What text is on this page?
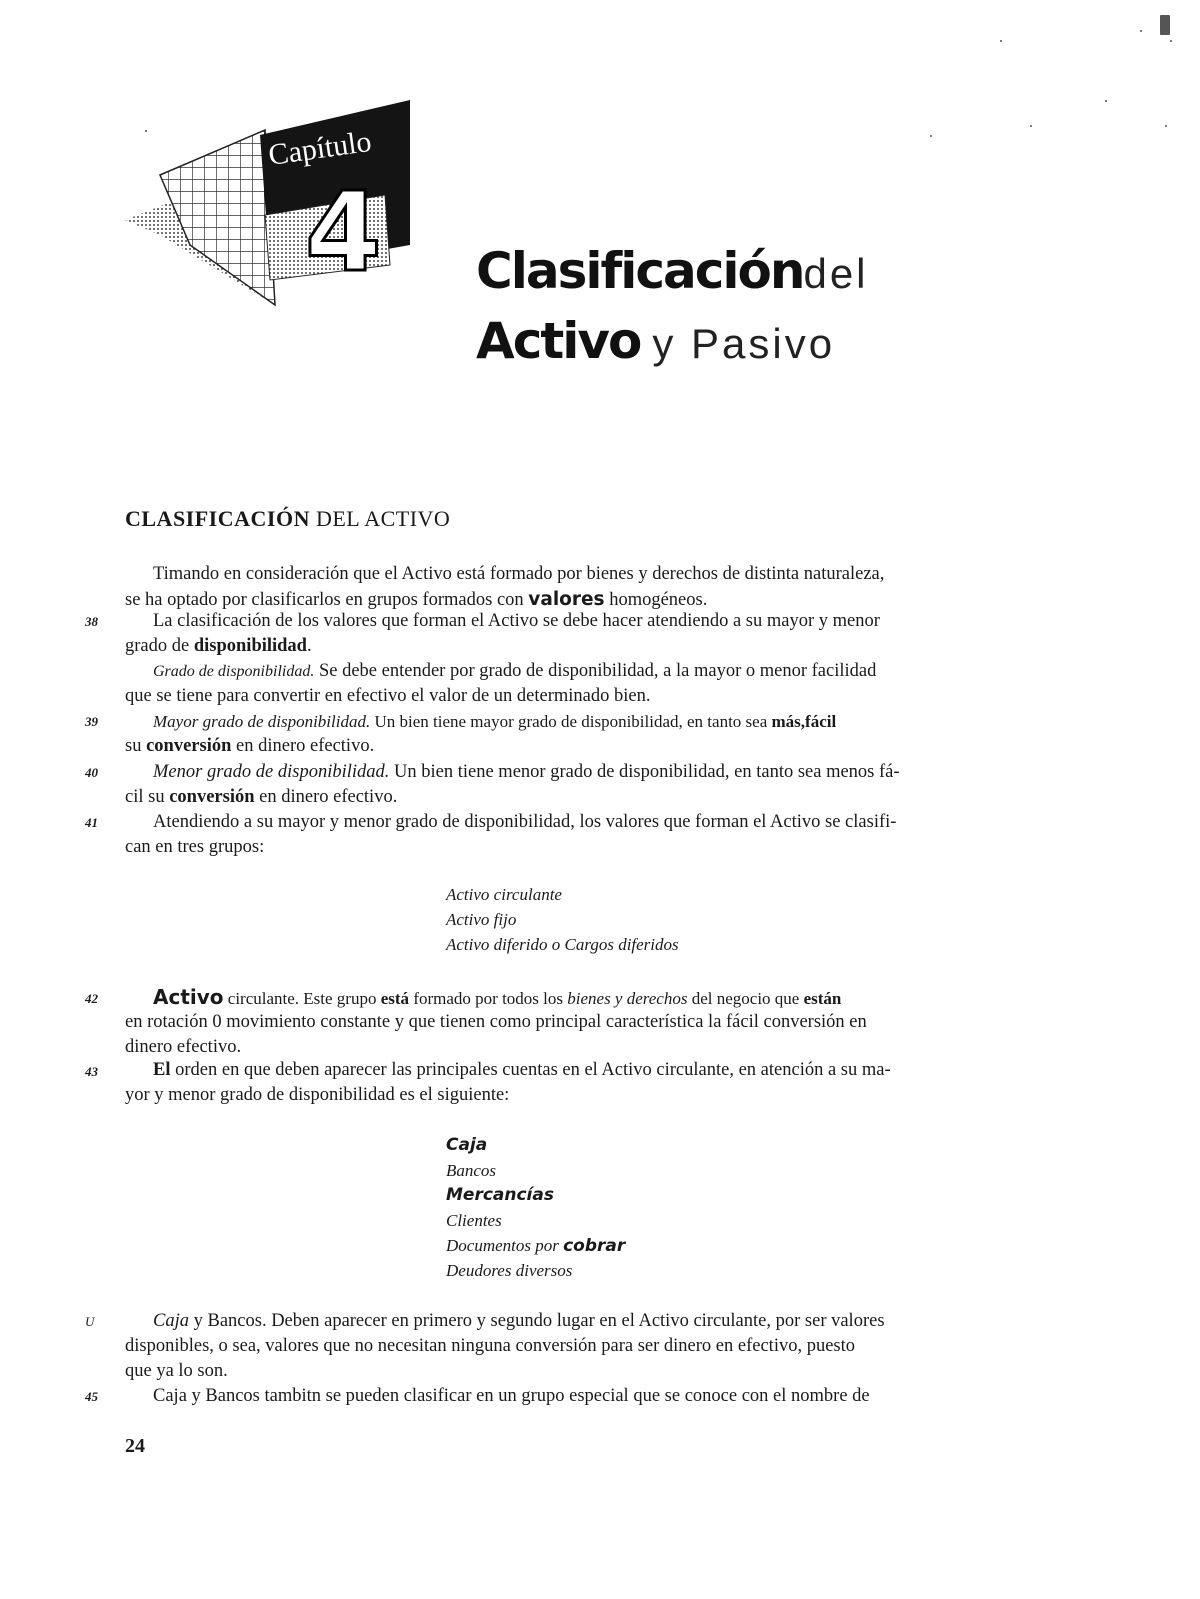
Capítulo
4 Clasificacióndel
Activo y Pasivo
CLASIFICACIÓN DEL ACTIVO
Timando en consideración que el Activo está formado por bienes y derechos de distinta naturaleza,
se ha optado por clasificarlos en grupos formados con valores homogéneos.
38	La clasificación de los valores que forman el Activo se debe hacer atendiendo a su mayor y menor
grado de disponibilidad.
Grado de disponibilidad. Se debe entender por grado de disponibilidad, a la mayor o menor facilidad
que se tiene para convertir en efectivo el valor de un determinado bien.
39	Mayor grado de disponibilidad. Un bien tiene mayor grado de disponibilidad, en tanto sea más,fácil
su conversión en dinero efectivo.
40	Menor grado de disponibilidad. Un bien tiene menor grado de disponibilidad, en tanto sea menos fá-
cil su conversión en dinero efectivo.
41	Atendiendo a su mayor y menor grado de disponibilidad, los valores que forman el Activo se clasifi-
can en tres grupos:
Activo circulante
Activo fijo
Activo diferido o Cargos diferidos
42	Activo circulante. Este grupo está formado por todos los bienes y derechos del negocio que están
en rotación 0 movimiento constante y que tienen como principal característica la fácil conversión en
dinero efectivo.
43	El orden en que deben aparecer las principales cuentas en el Activo circulante, en atención a su ma-
yor y menor grado de disponibilidad es el siguiente:
Caja
Bancos
Mercancías
Clientes
Documentos por cobrar
Deudores diversos
U	Caja y Bancos. Deben aparecer en primero y segundo lugar en el Activo circulante, por ser valores
disponibles, o sea, valores que no necesitan ninguna conversión para ser dinero en efectivo, puesto
que ya lo son.
45	Caja y Bancos tambitn se pueden clasificar en un grupo especial que se conoce con el nombre de
24
